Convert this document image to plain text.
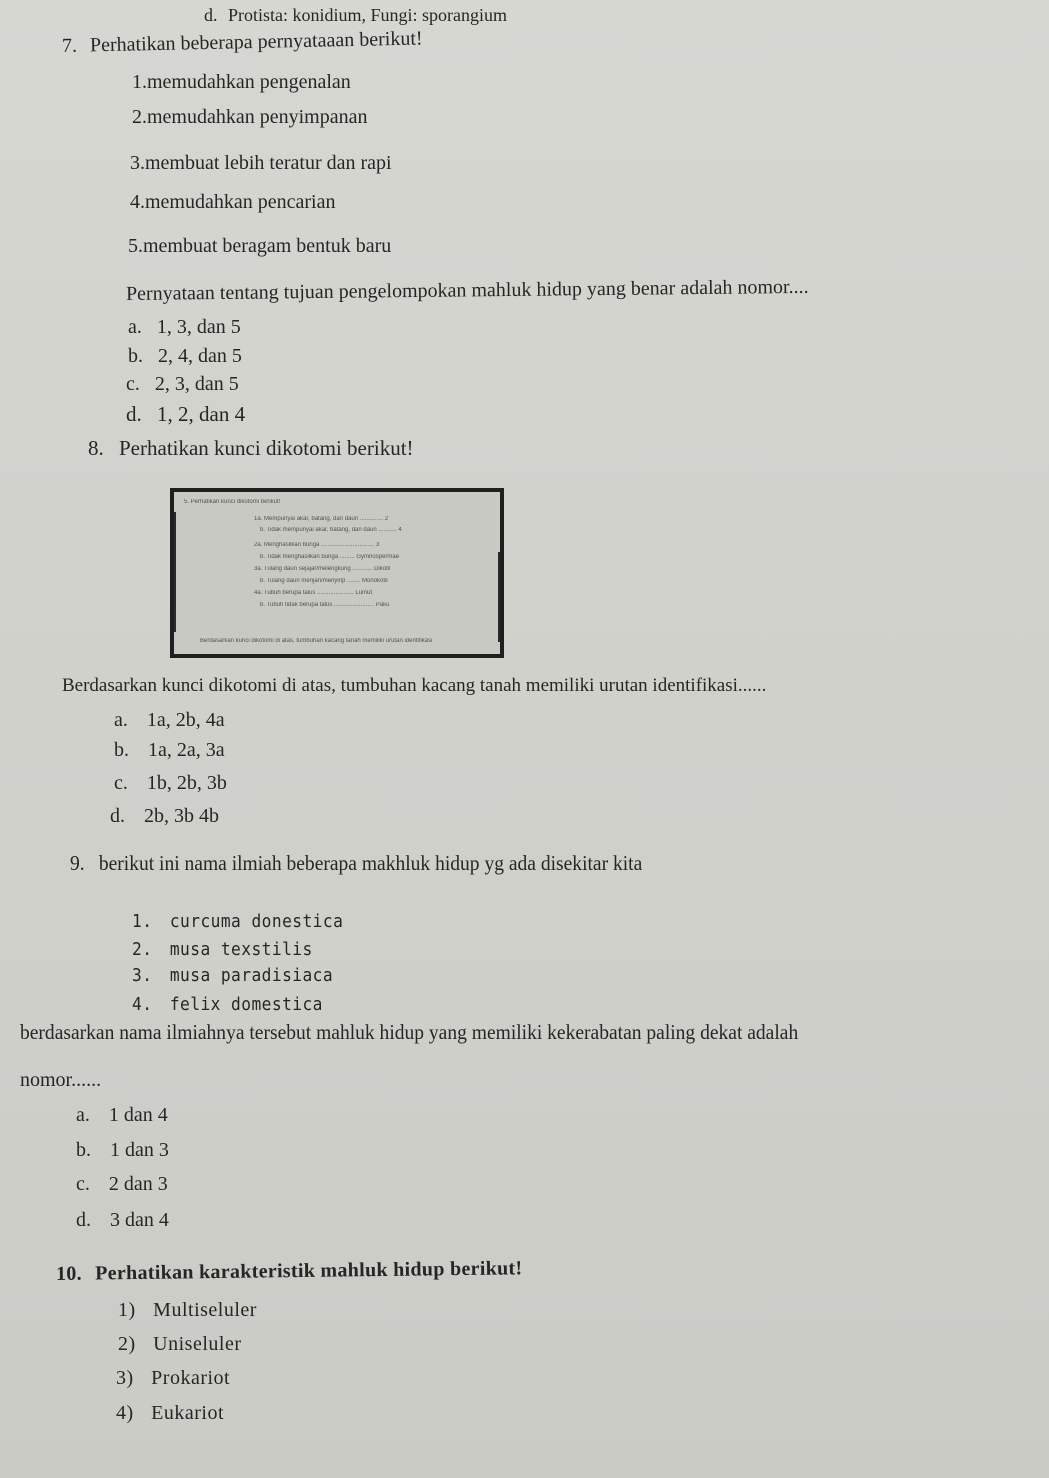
d. Protista: konidium, Fungi: sporangium
7. Perhatikan beberapa pernyataaan berikut!
1.memudahkan pengenalan
2.memudahkan penyimpanan
3.membuat lebih teratur dan rapi
4.memudahkan pencarian
5.membuat beragam bentuk baru
Pernyataan tentang tujuan pengelompokan mahluk hidup yang benar adalah nomor....
a. 1, 3, dan 5
b. 2, 4, dan 5
c. 2, 3, dan 5
d. 1, 2, dan 4
8. Perhatikan kunci dikotomi berikut!
5. Perhatikan kunci dikotomi berikut!
1a. Mempunyai akar, batang, dan daun .............. 2
b. Tidak mempunyai akar, batang, dan daun ........... 4
2a. Menghasilkan bunga ................................ 3
b. Tidak menghasilkan bunga ......... Gymnospermae
3a. Tulang daun sejajar/melengkung ............ Dikotil
b. Tulang daun menjari/menyirip ........ Monokotil
4a. Tubuh berupa talus ...................... Lumut
b. Tubuh tidak berupa talus ........................ Paku
Berdasarkan kunci dikotomi di atas, tumbuhan kacang tanah memiliki urutan identifikasi
Berdasarkan kunci dikotomi di atas, tumbuhan kacang tanah memiliki urutan identifikasi......
a. 1a, 2b, 4a
b. 1a, 2a, 3a
c. 1b, 2b, 3b
d. 2b, 3b 4b
9. berikut ini nama ilmiah beberapa makhluk hidup yg ada disekitar kita
1. curcuma donestica
2. musa texstilis
3. musa paradisiaca
4. felix domestica
berdasarkan nama ilmiahnya tersebut mahluk hidup yang memiliki kekerabatan paling dekat adalah
nomor......
a. 1 dan 4
b. 1 dan 3
c. 2 dan 3
d. 3 dan 4
10. Perhatikan karakteristik mahluk hidup berikut!
1) Multiseluler
2) Uniseluler
3) Prokariot
4) Eukariot
